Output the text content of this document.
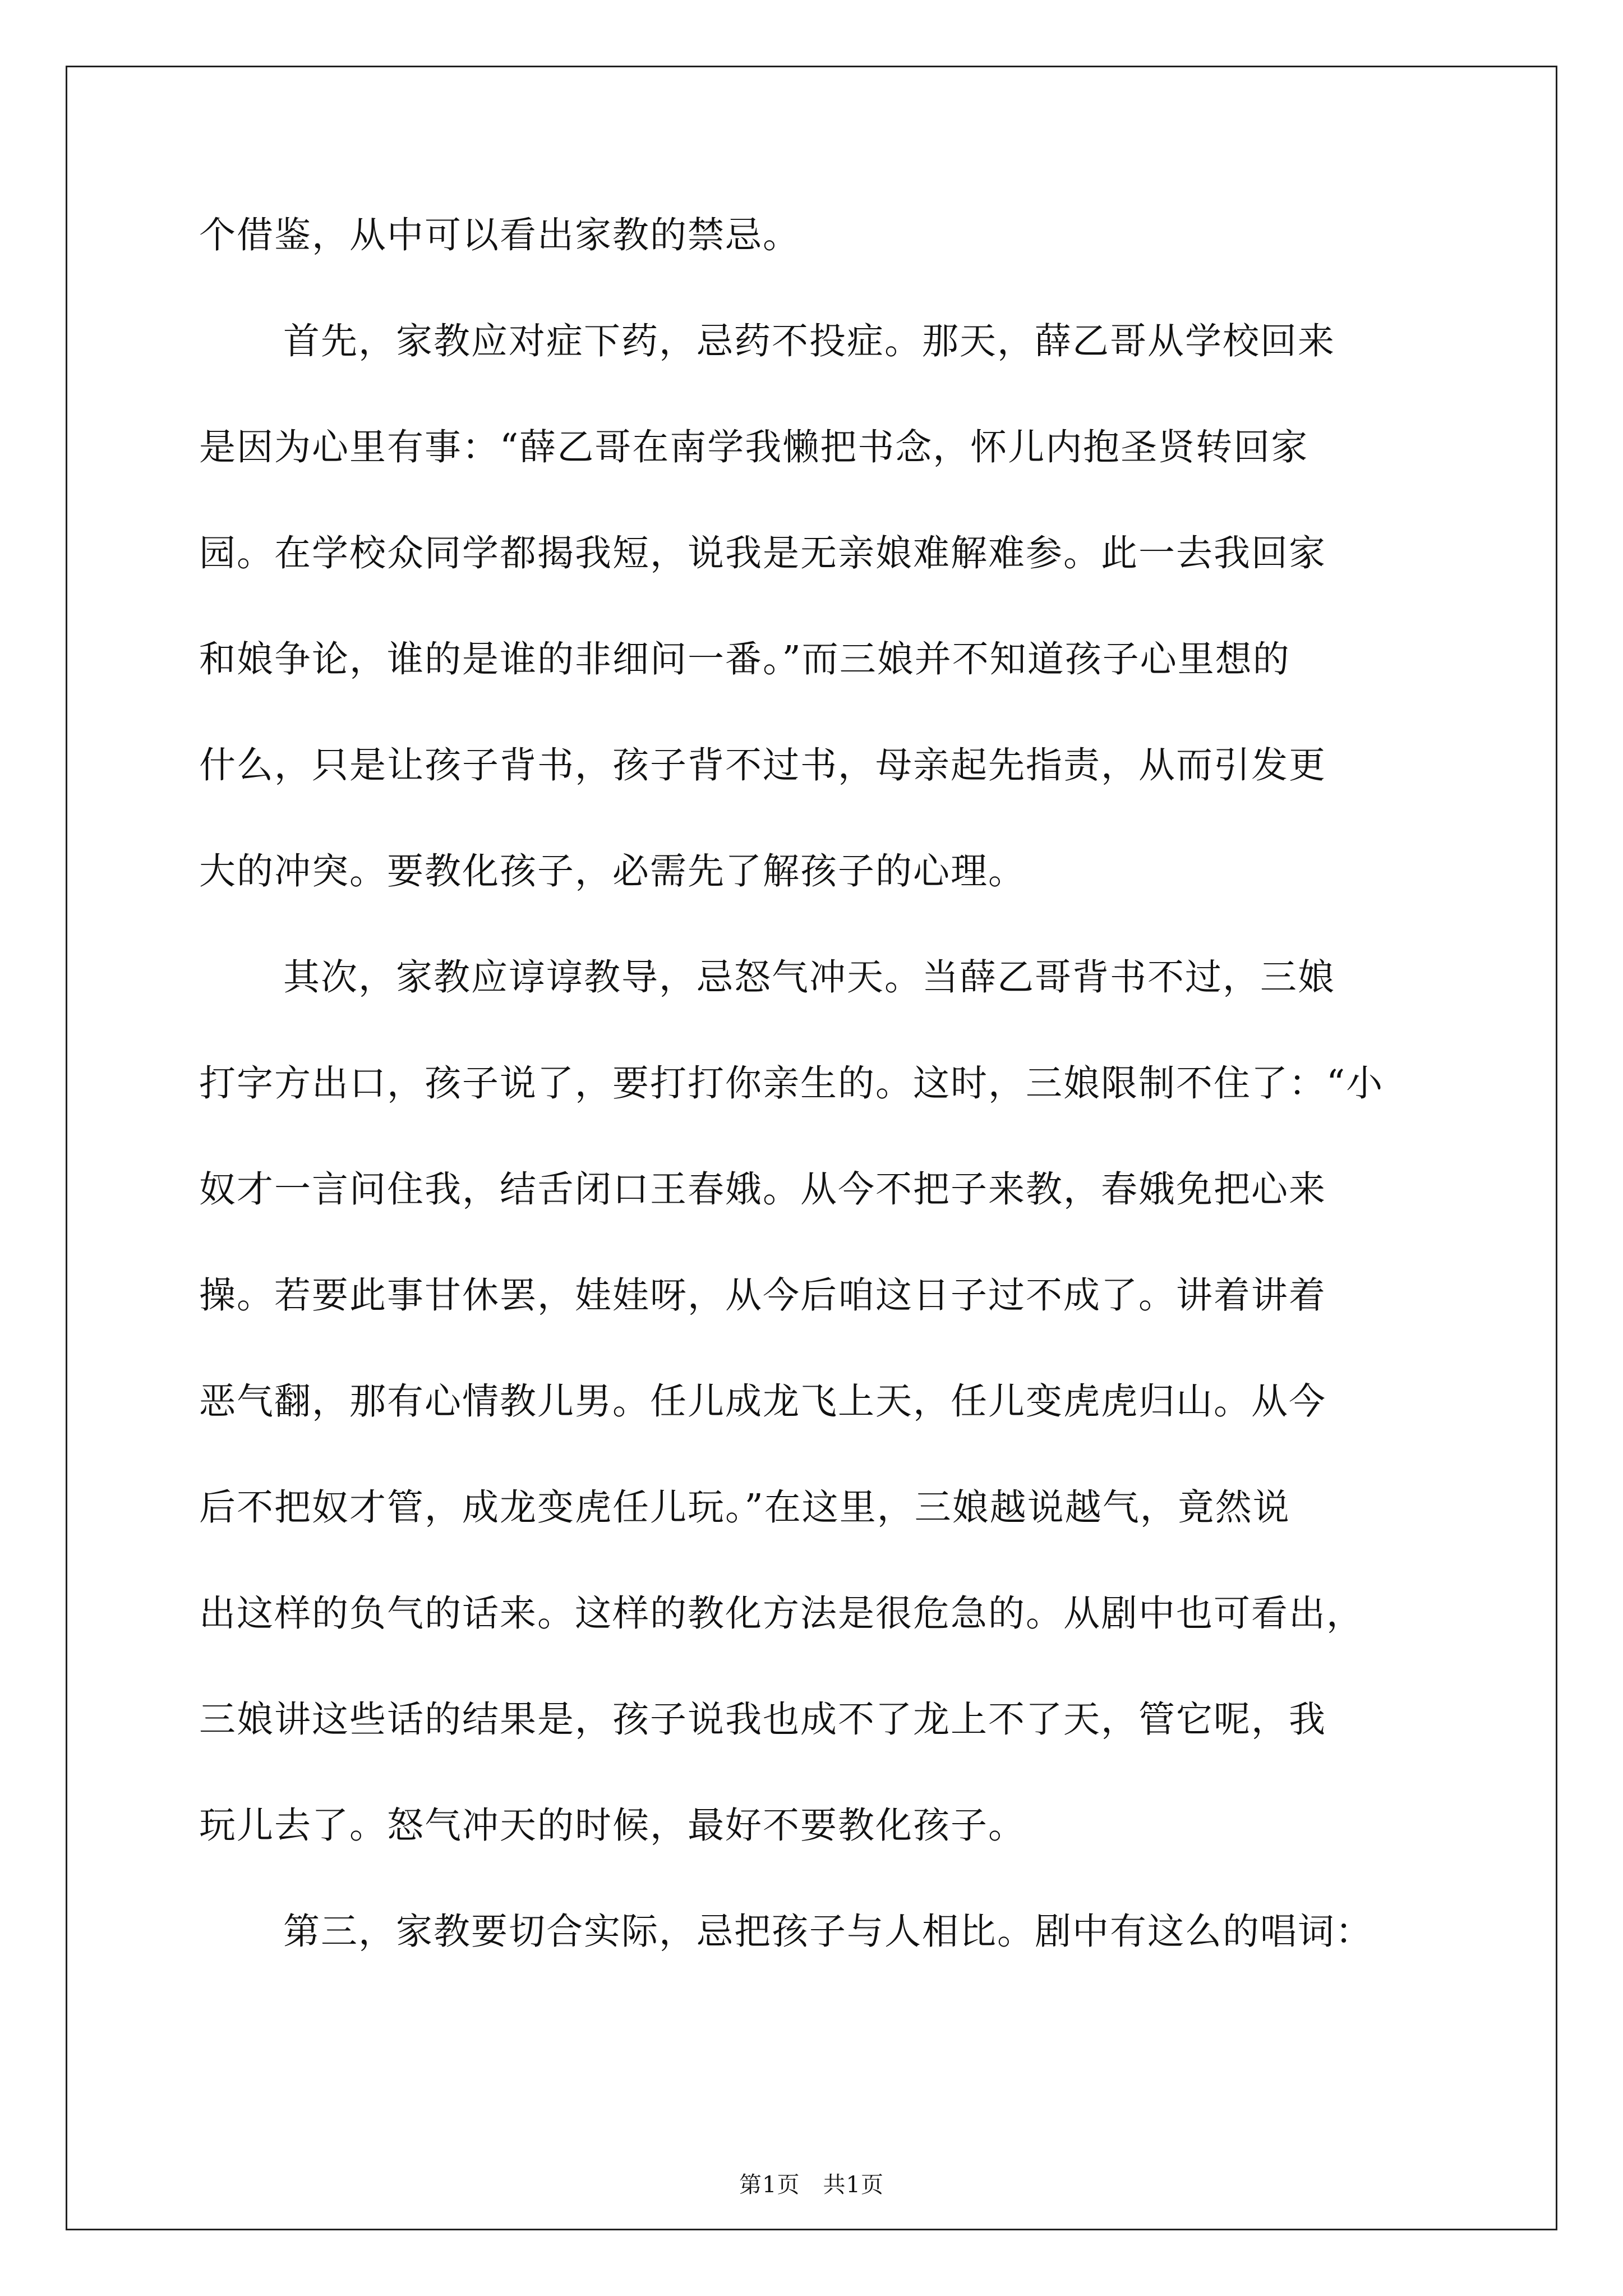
个借鉴，从中可以看出家教的禁忌。
首先，家教应对症下药，忌药不投症。那天，薛乙哥从学校回来
是因为心里有事：“薛乙哥在南学我懒把书念，怀儿内抱圣贤转回家
园。在学校众同学都揭我短，说我是无亲娘难解难参。此一去我回家
和娘争论，谁的是谁的非细问一番。”而三娘并不知道孩子心里想的
什么，只是让孩子背书，孩子背不过书，母亲起先指责，从而引发更
大的冲突。要教化孩子，必需先了解孩子的心理。
其次，家教应谆谆教导，忌怒气冲天。当薛乙哥背书不过，三娘
打字方出口，孩子说了，要打打你亲生的。这时，三娘限制不住了：“小
奴才一言问住我，结舌闭口王春娥。从今不把子来教，春娥免把心来
操。若要此事甘休罢，娃娃呀，从今后咱这日子过不成了。讲着讲着
恶气翻，那有心情教儿男。任儿成龙飞上天，任儿变虎虎归山。从今
后不把奴才管，成龙变虎任儿玩。”在这里，三娘越说越气，竟然说
出这样的负气的话来。这样的教化方法是很危急的。从剧中也可看出，
三娘讲这些话的结果是，孩子说我也成不了龙上不了天，管它呢，我
玩儿去了。怒气冲天的时候，最好不要教化孩子。
第三，家教要切合实际，忌把孩子与人相比。剧中有这么的唱词：
第1页　共1页
